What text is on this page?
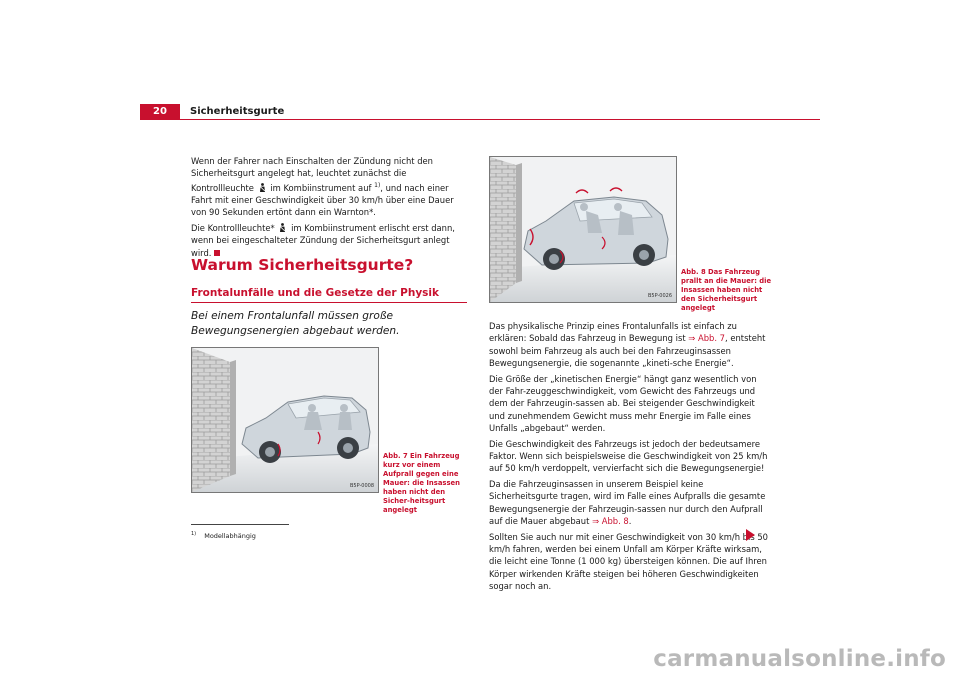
20	Sicherheitsgurte

Wenn der Fahrer nach Einschalten der Zündung nicht den Sicherheitsgurt angelegt hat, leuchtet zunächst die Kontrollleuchte im Kombiinstrument auf $^{1)}$, und nach einer Fahrt mit einer Geschwindigkeit über 30 km/h über eine Dauer von 90 Sekunden ertönt dann ein Warnton*.

Die Kontrollleuchte* im Kombiinstrument erlischt erst dann, wenn bei eingeschalteter Zündung der Sicherheitsgurt anlegt wird.

Warum Sicherheitsgurte?
Frontalunfälle und die Gesetze der Physik
Bei einem Frontalunfall müssen große Bewegungsenergien abgebaut werden.
B5P-0008
Abb. 7 Ein Fahrzeug kurz vor einem Aufprall gegen eine Mauer: die Insassen haben nicht den Sicher-heitsgurt angelegt
$^{1)}$ Modellabhängig
B5P-0026
Abb. 8 Das Fahrzeug prallt an die Mauer: die Insassen haben nicht den Sicherheitsgurt angelegt

Das physikalische Prinzip eines Frontalunfalls ist einfach zu erklären: Sobald das Fahrzeug in Bewegung ist ⇒ Abb. 7, entsteht sowohl beim Fahrzeug als auch bei den Fahrzeuginsassen Bewegungsenergie, die sogenannte „kineti-sche Energie“.

Die Größe der „kinetischen Energie“ hängt ganz wesentlich von der Fahr-zeuggeschwindigkeit, vom Gewicht des Fahrzeugs und dem der Fahrzeugin-sassen ab. Bei steigender Geschwindigkeit und zunehmendem Gewicht muss mehr Energie im Falle eines Unfalls „abgebaut“ werden.

Die Geschwindigkeit des Fahrzeugs ist jedoch der bedeutsamere Faktor. Wenn sich beispielsweise die Geschwindigkeit von 25 km/h auf 50 km/h verdoppelt, vervierfacht sich die Bewegungsenergie!

Da die Fahrzeuginsassen in unserem Beispiel keine Sicherheitsgurte tragen, wird im Falle eines Aufpralls die gesamte Bewegungsenergie der Fahrzeugin-sassen nur durch den Aufprall auf die Mauer abgebaut ⇒ Abb. 8.

Sollten Sie auch nur mit einer Geschwindigkeit von 30 km/h bis 50 km/h fahren, werden bei einem Unfall am Körper Kräfte wirksam, die leicht eine Tonne (1 000 kg) übersteigen können. Die auf Ihren Körper wirkenden Kräfte steigen bei höheren Geschwindigkeiten sogar noch an.

carmanualsonline.info
